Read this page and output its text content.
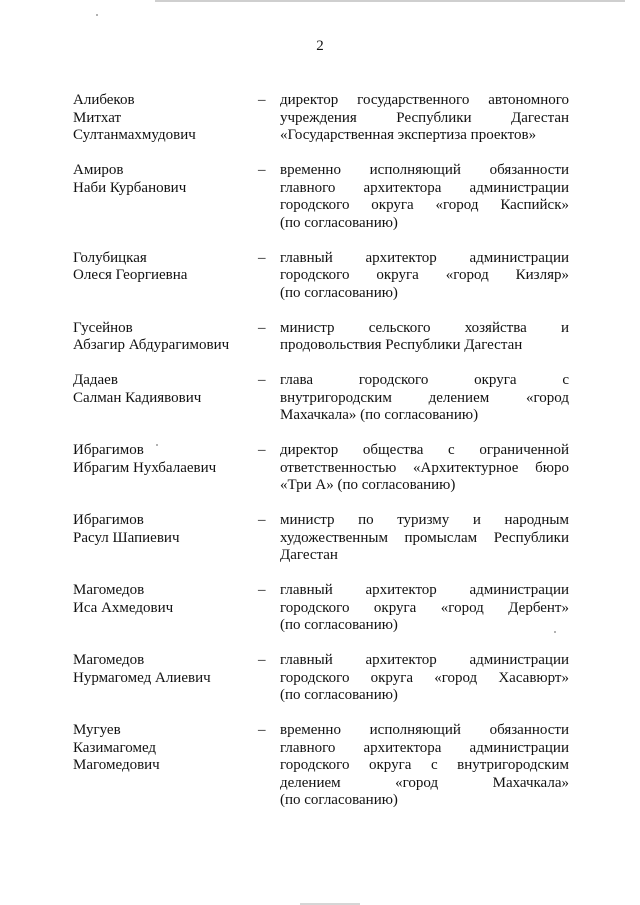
2
Алибеков
Митхат
Султанмахмудович
– директор государственного автономного
учреждения Республики Дагестан
«Государственная экспертиза проектов»
Амиров
Наби Курбанович
– временно исполняющий обязанности
главного архитектора администрации
городского округа «город Каспийск»
(по согласованию)
Голубицкая
Олеся Георгиевна
– главный архитектор администрации
городского округа «город Кизляр»
(по согласованию)
Гусейнов
Абзагир Абдурагимович
– министр сельского хозяйства и
продовольствия Республики Дагестан
Дадаев
Салман Кадиявович
– глава городского округа с
внутригородским делением «город
Махачкала» (по согласованию)
Ибрагимов
Ибрагим Нухбалаевич
– директор общества с ограниченной
ответственностью «Архитектурное бюро
«Три А» (по согласованию)
Ибрагимов
Расул Шапиевич
– министр по туризму и народным
художественным промыслам Республики
Дагестан
Магомедов
Иса Ахмедович
– главный архитектор администрации
городского округа «город Дербент»
(по согласованию)
Магомедов
Нурмагомед Алиевич
– главный архитектор администрации
городского округа «город Хасавюрт»
(по согласованию)
Мугуев
Казимагомед
Магомедович
– временно исполняющий обязанности
главного архитектора администрации
городского округа с внутригородским
делением «город Махачкала»
(по согласованию)
